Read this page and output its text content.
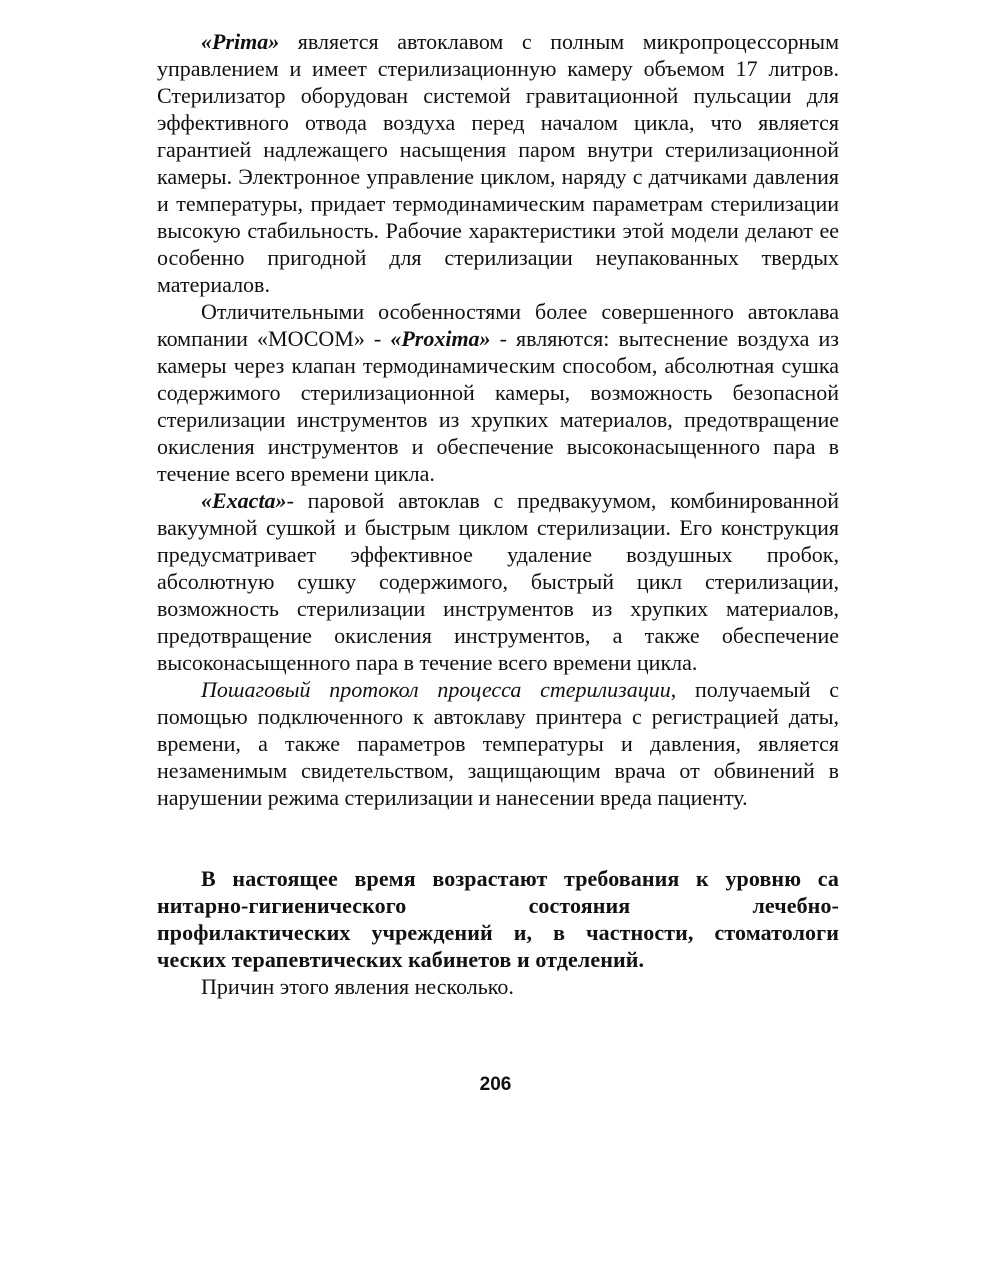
«Prima» является автоклавом с полным микропроцессорным управлением и имеет стерилизационную камеру объемом 17 литров. Стерилизатор оборудован системой гравитационной пульсации для эффективного отвода воздуха перед началом цикла, что является гарантией надлежащего насыщения паром внутри стерилизационной камеры. Электронное управление циклом, наряду с датчиками давления и температуры, придает термодинамическим параметрам стерилизации высокую стабильность. Рабочие характеристики этой модели делают ее особенно пригодной для стерилизации неупакованных твердых материалов.

Отличительными особенностями более совершенного автоклава компании «МОСОМ» - «Proxima» - являются: вытеснение воздуха из камеры через клапан термодинамическим способом, абсолютная сушка содержимого стерилизационной камеры, возможность безопасной стерилизации инструментов из хрупких материалов, предотвращение окисления инструментов и обеспечение высоконасыщенного пара в течение всего времени цикла.

«Exacta»- паровой автоклав с предвакуумом, комбинированной вакуумной сушкой и быстрым циклом стерилизации. Его конструкция предусматривает эффективное удаление воздушных пробок, абсолютную сушку содержимого, быстрый цикл стерилизации, возможность стерилизации инструментов из хрупких материалов, предотвращение окисления инструментов, а также обеспечение высоконасыщенного пара в течение всего времени цикла.

Пошаговый протокол процесса стерилизации, получаемый с помощью подключенного к автоклаву принтера с регистрацией даты, времени, а также параметров температуры и давления, является незаменимым свидетельством, защищающим врача от обвинений в нарушении режима стерилизации и нанесении вреда пациенту.

В настоящее время возрастают требования к уровню са
нитарно-гигиенического	состояния	лечебно-
профилактических учреждений и, в частности, стоматологи
ческих терапевтических кабинетов и отделений.

Причин этого явления несколько.

206
